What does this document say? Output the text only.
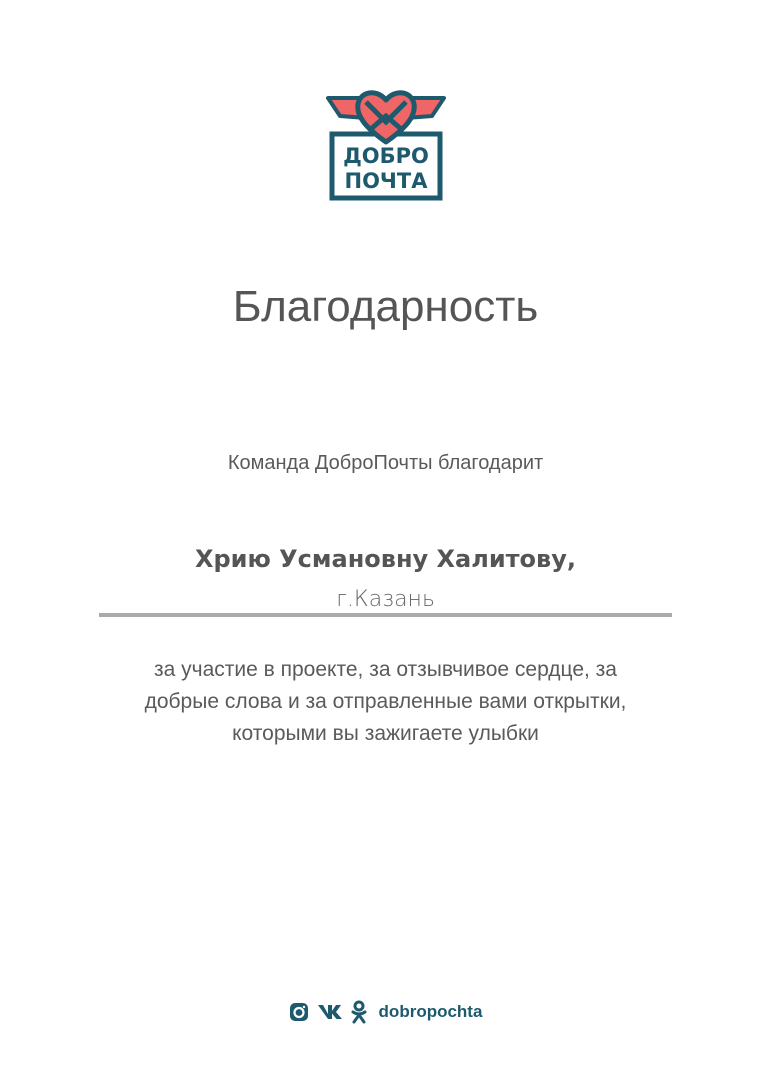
ДОБРО
ПОЧТА
Благодарность
Команда ДоброПочты благодарит
Хрию Усмановну Халитову,
г.Казань
за участие в проекте, за отзывчивое сердце, за
добрые слова и за отправленные вами открытки,
которыми вы зажигаете улыбки
dobropochta
